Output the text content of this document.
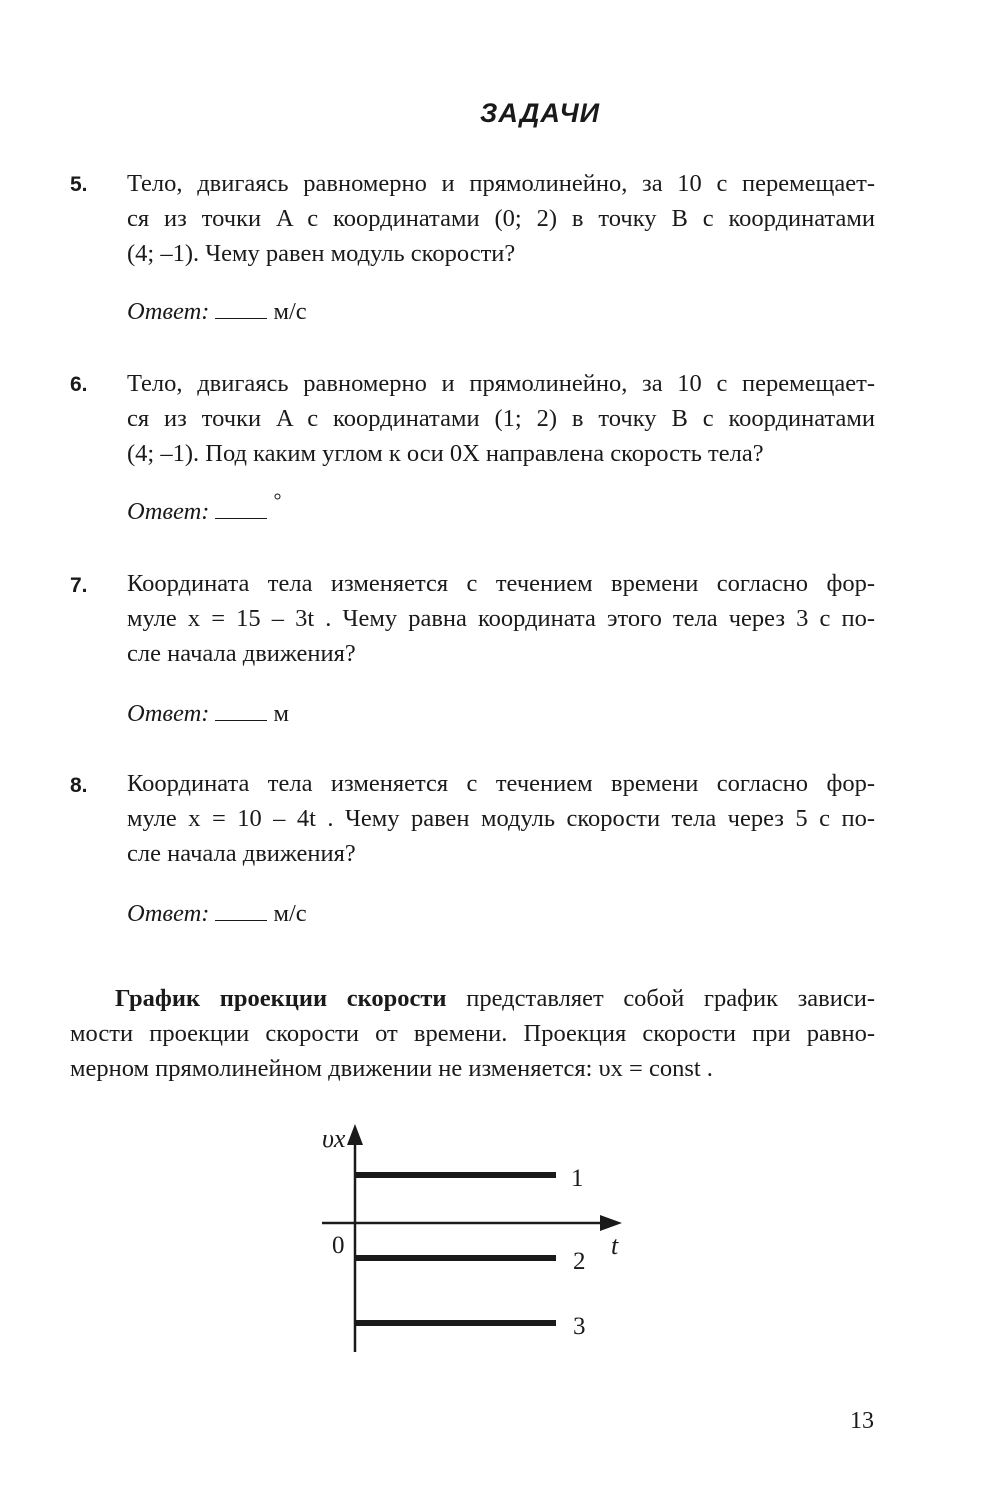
ЗАДАЧИ
5. Тело, двигаясь равномерно и прямолинейно, за 10 с перемещает-
ся из точки A с координатами (0; 2) в точку B с координатами
(4; –1). Чему равен модуль скорости?
Ответ:	м/с
6. Тело, двигаясь равномерно и прямолинейно, за 10 с перемещает-
ся из точки A с координатами (1; 2) в точку B с координатами
(4; –1). Под каким углом к оси 0X направлена скорость тела?
Ответ:	°
7. Координата тела изменяется с течением времени согласно фор-
муле x = 15 – 3t . Чему равна координата этого тела через 3 с по-
сле начала движения?
Ответ:	м
8. Координата тела изменяется с течением времени согласно фор-
муле x = 10 – 4t . Чему равен модуль скорости тела через 5 с по-
сле начала движения?
Ответ:	м/с
График проекции скорости представляет собой график зависи-
мости проекции скорости от времени. Проекция скорости при равно-
мерном прямолинейном движении не изменяется: υx = const .
υx
t
0
1
2
3
13
